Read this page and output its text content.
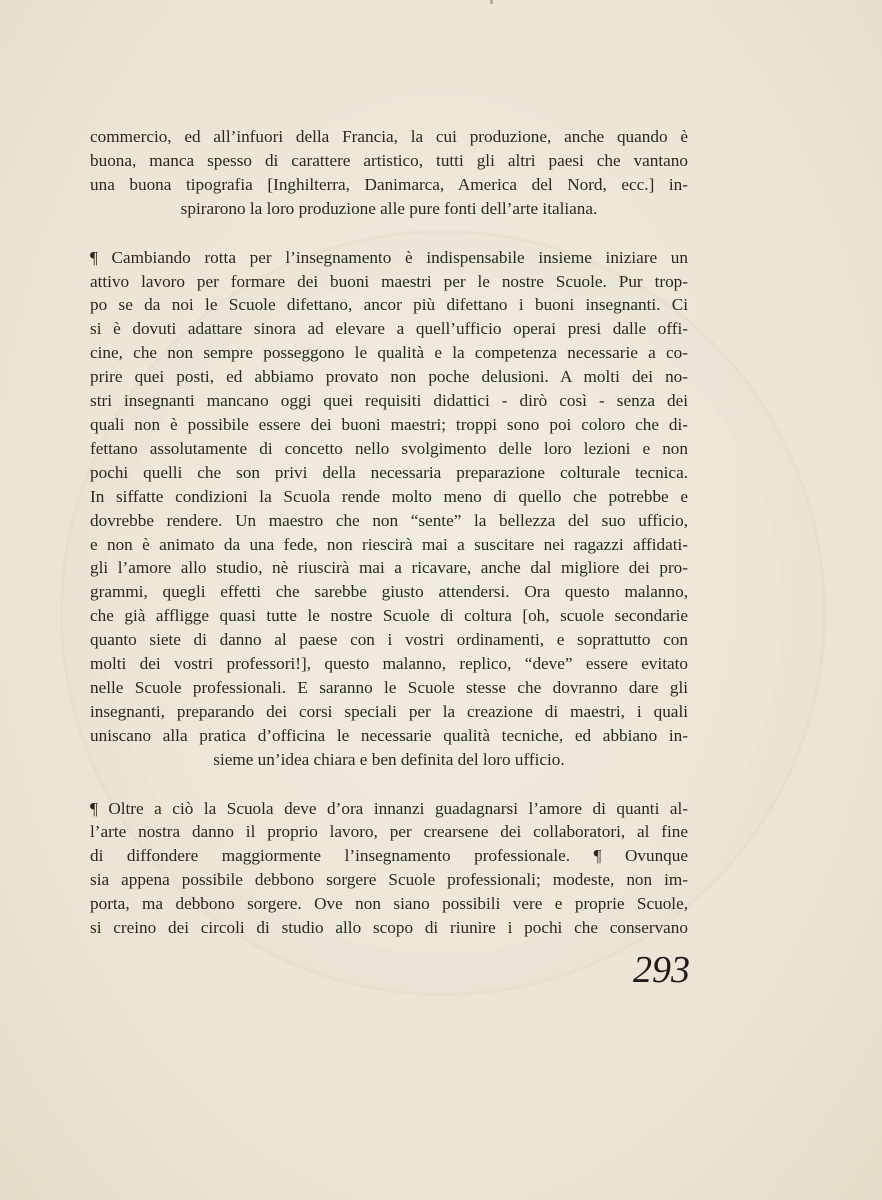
commercio, ed all’infuori della Francia, la cui produzione, anche quando è
buona, manca spesso di carattere artistico, tutti gli altri paesi che vantano
una buona tipografia [Inghilterra, Danimarca, America del Nord, ecc.] in-
spirarono la loro produzione alle pure fonti dell’arte italiana.
¶ Cambiando rotta per l’insegnamento è indispensabile insieme iniziare un
attivo lavoro per formare dei buoni maestri per le nostre Scuole. Pur trop-
po se da noi le Scuole difettano, ancor più difettano i buoni insegnanti. Ci
si è dovuti adattare sinora ad elevare a quell’ufficio operai presi dalle offi-
cine, che non sempre posseggono le qualità e la competenza necessarie a co-
prire quei posti, ed abbiamo provato non poche delusioni. A molti dei no-
stri insegnanti mancano oggi quei requisiti didattici - dirò così - senza dei
quali non è possibile essere dei buoni maestri; troppi sono poi coloro che di-
fettano assolutamente di concetto nello svolgimento delle loro lezioni e non
pochi quelli che son privi della necessaria preparazione colturale tecnica.
In siffatte condizioni la Scuola rende molto meno di quello che potrebbe e
dovrebbe rendere. Un maestro che non “sente” la bellezza del suo ufficio,
e non è animato da una fede, non riescirà mai a suscitare nei ragazzi affidati-
gli l’amore allo studio, nè riuscirà mai a ricavare, anche dal migliore dei pro-
grammi, quegli effetti che sarebbe giusto attendersi. Ora questo malanno,
che già affligge quasi tutte le nostre Scuole di coltura [oh, scuole secondarie
quanto siete di danno al paese con i vostri ordinamenti, e soprattutto con
molti dei vostri professori!], questo malanno, replico, “deve” essere evitato
nelle Scuole professionali. E saranno le Scuole stesse che dovranno dare gli
insegnanti, preparando dei corsi speciali per la creazione di maestri, i quali
uniscano alla pratica d’officina le necessarie qualità tecniche, ed abbiano in-
sieme un’idea chiara e ben definita del loro ufficio.
¶ Oltre a ciò la Scuola deve d’ora innanzi guadagnarsi l’amore di quanti al-
l’arte nostra danno il proprio lavoro, per crearsene dei collaboratori, al fine
di diffondere maggiormente l’insegnamento professionale. ¶ Ovunque
sia appena possibile debbono sorgere Scuole professionali; modeste, non im-
porta, ma debbono sorgere. Ove non siano possibili vere e proprie Scuole,
si creino dei circoli di studio allo scopo di riunire i pochi che conservano
293
